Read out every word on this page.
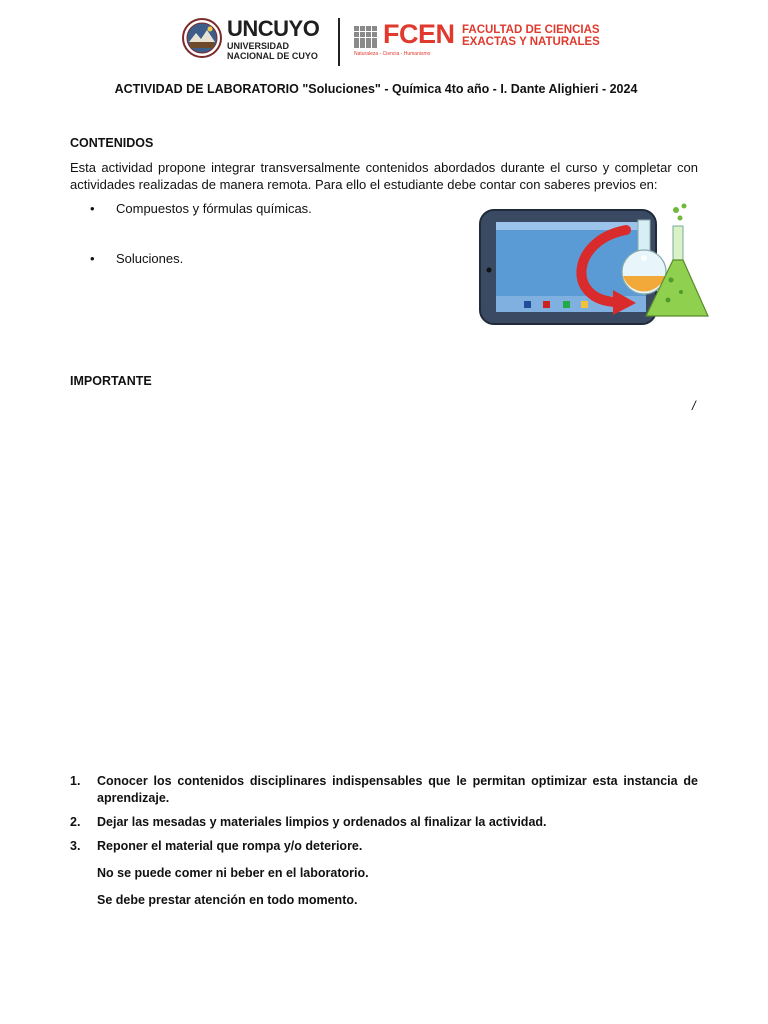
UNCUYO
UNIVERSIDAD
NACIONAL DE CUYO
FCEN FACULTAD DE CIENCIAS
EXACTAS Y NATURALES
Naturaleza - Ciencia - Humanismo
ACTIVIDAD DE LABORATORIO "Soluciones" - Química 4to año - I. Dante Alighieri - 2024
CONTENIDOS
Esta actividad propone integrar transversalmente contenidos abordados durante el curso y completar con actividades realizadas de manera remota. Para ello el estudiante debe contar con saberes previos en:
• Compuestos y fórmulas químicas.
• Soluciones.
IMPORTANTE
/
1.	Conocer los contenidos disciplinares indispensables que le permitan optimizar esta instancia de aprendizaje.
2.	Dejar las mesadas y materiales limpios y ordenados al finalizar la actividad.
3.	Reponer el material que rompa y/o deteriore.
No se puede comer ni beber en el laboratorio.
Se debe prestar atención en todo momento.
